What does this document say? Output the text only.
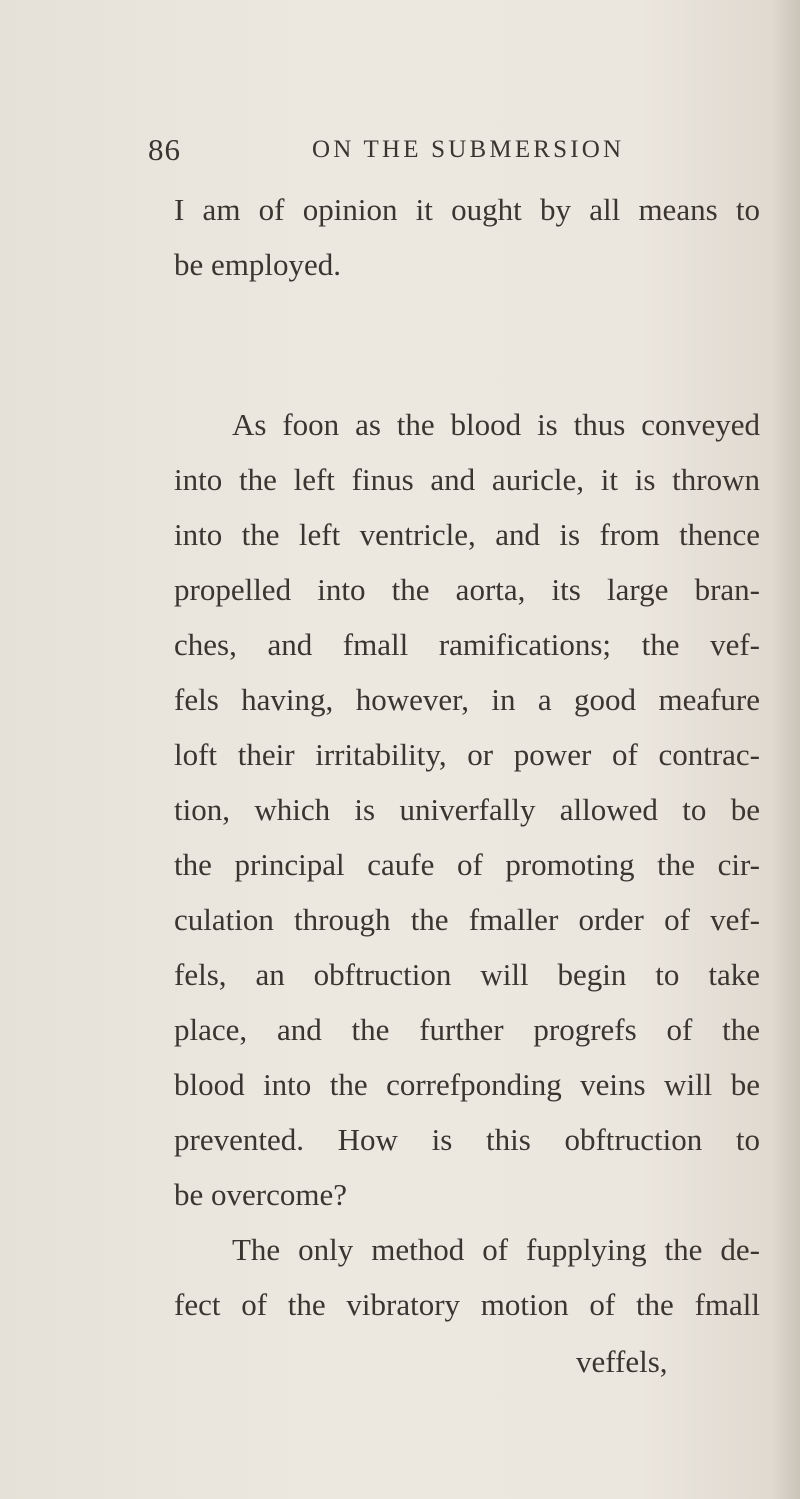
86	ON THE SUBMERSION
I am of opinion it ought by all means to
be employed.
As foon as the blood is thus conveyed
into the left finus and auricle, it is thrown
into the left ventricle, and is from thence
propelled into the aorta, its large bran-
ches, and fmall ramifications; the vef-
fels having, however, in a good meafure
loft their irritability, or power of contrac-
tion, which is univerfally allowed to be
the principal caufe of promoting the cir-
culation through the fmaller order of vef-
fels, an obftruction will begin to take
place, and the further progrefs of the
blood into the correfponding veins will be
prevented. How is this obftruction to
be overcome?
The only method of fupplying the de-
fect of the vibratory motion of the fmall
veffels,
